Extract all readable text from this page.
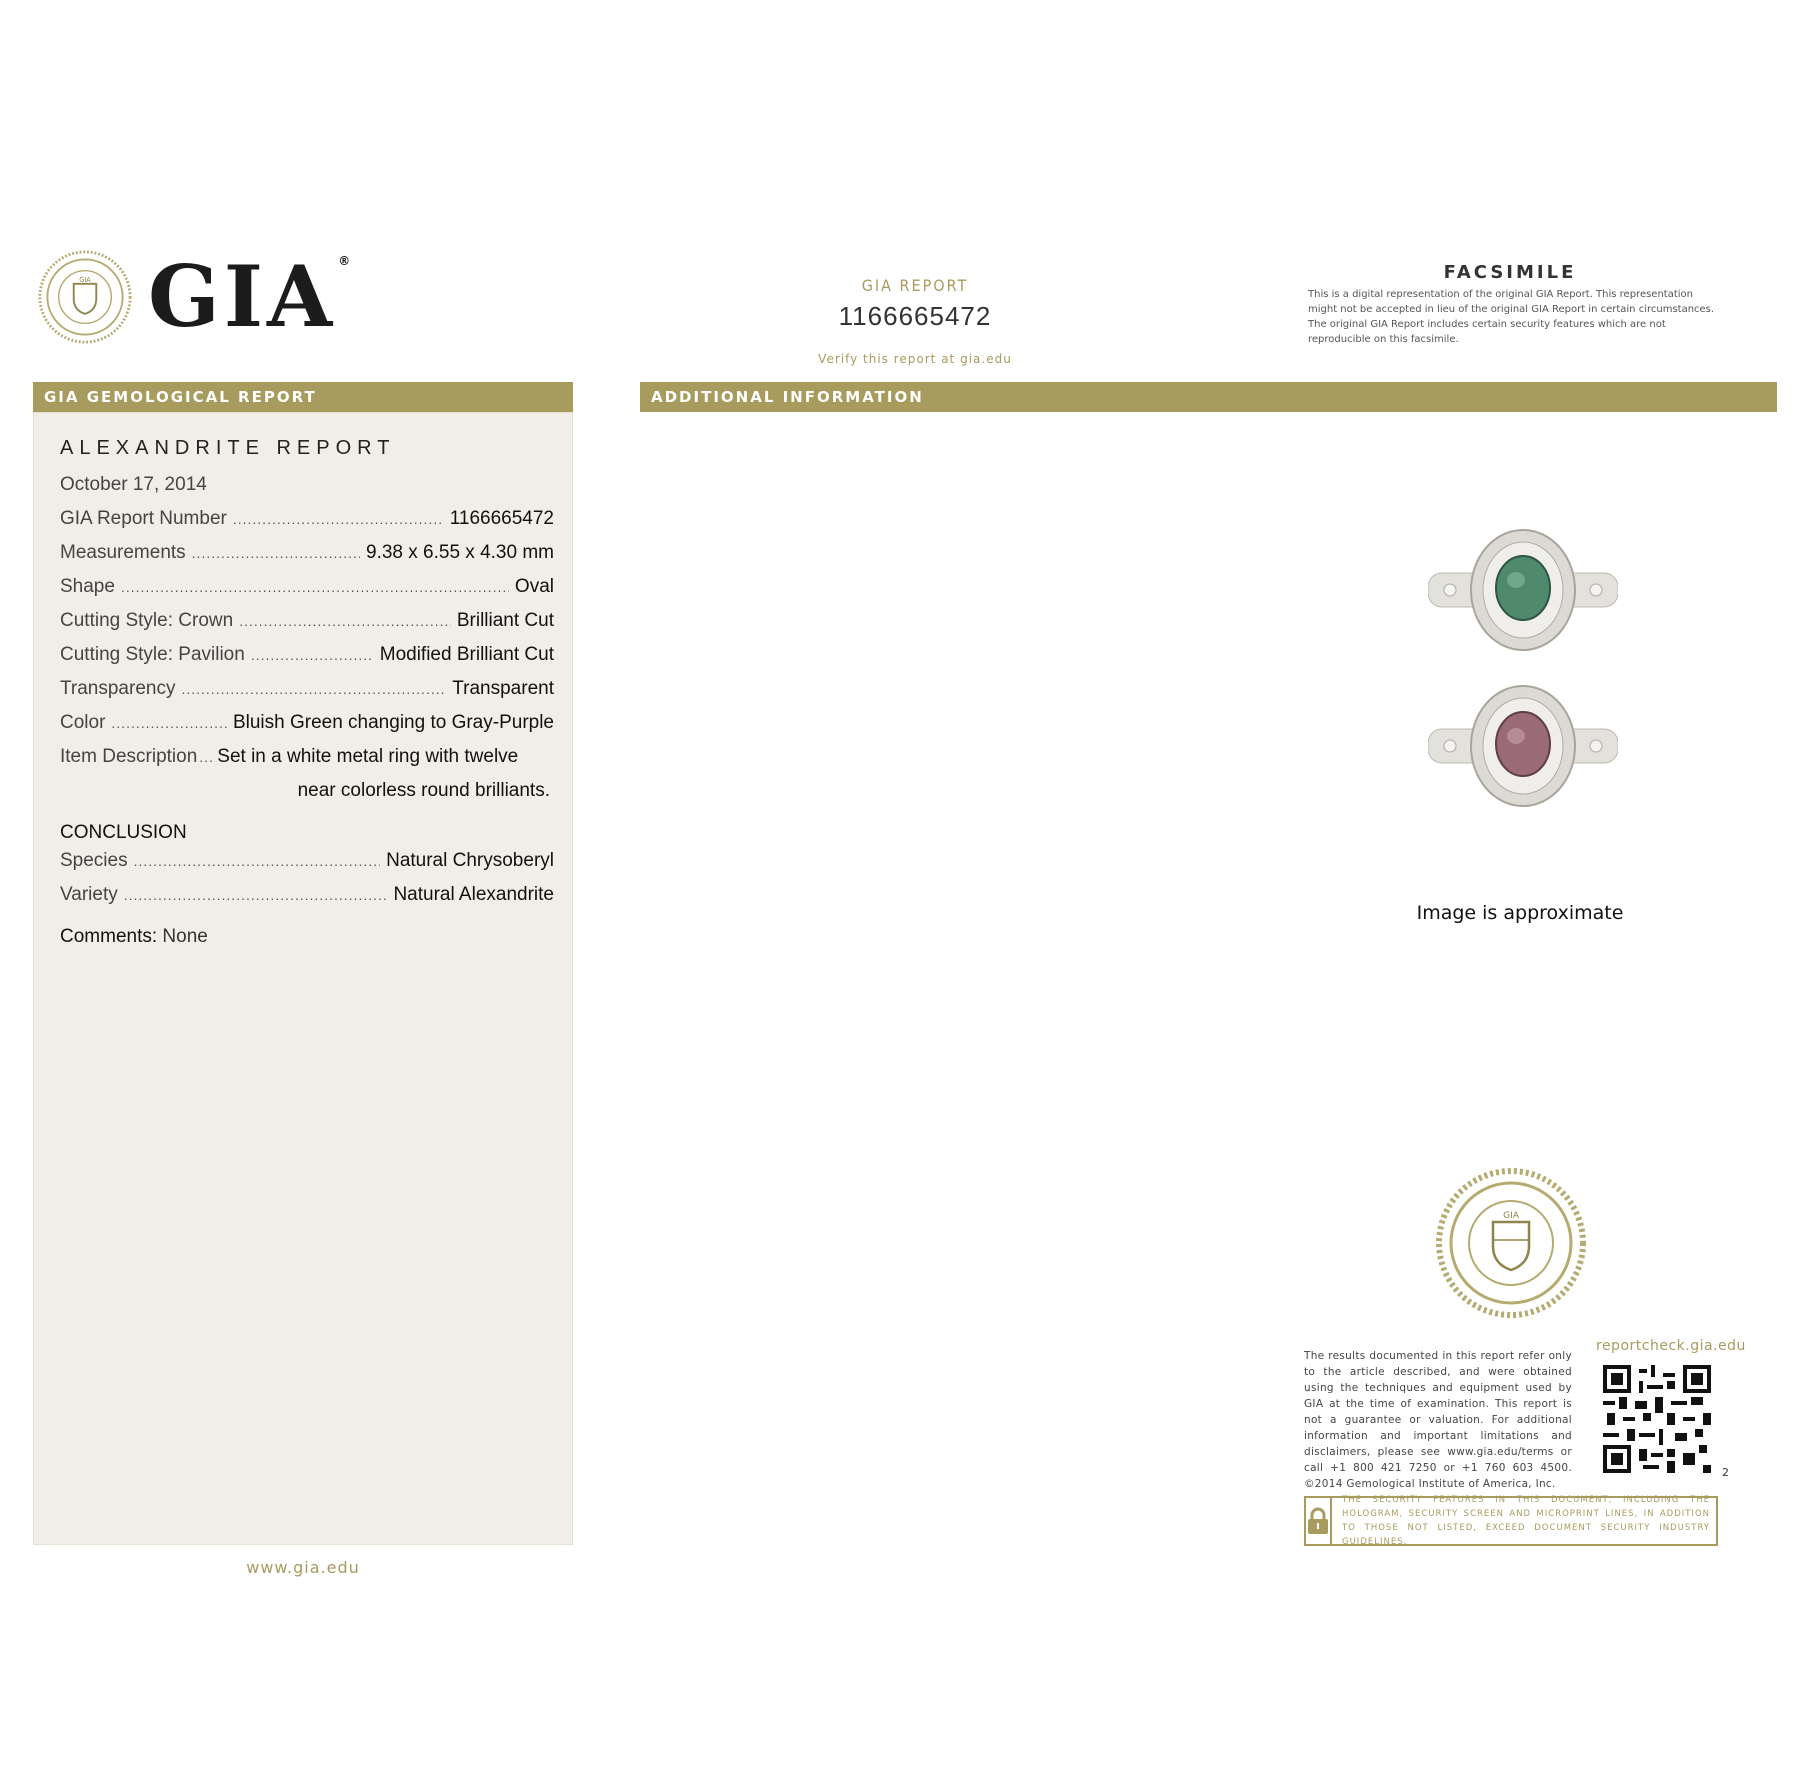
GIA GIA ®
GIA REPORT
1166665472
Verify this report at gia.edu
FACSIMILE
This is a digital representation of the original GIA Report. This representation might not be accepted in lieu of the original GIA Report in certain circumstances. The original GIA Report includes certain security features which are not reproducible on this facsimile.
GIA GEMOLOGICAL REPORT	ADDITIONAL INFORMATION
ALEXANDRITE REPORT
October 17, 2014
GIA Report Number .....	1166665472
Measurements .....	9.38 x 6.55 x 4.30 mm
Shape .....	Oval
Cutting Style: Crown .....	Brilliant Cut
Cutting Style: Pavilion .....	Modified Brilliant Cut
Transparency .....	Transparent
Color .....	Bluish Green changing to Gray-Purple
Item Description ..... Set in a white metal ring with twelve
near colorless round brilliants.
CONCLUSION
Species .....	Natural Chrysoberyl
Variety .....	Natural Alexandrite
Comments: None
www.gia.edu
Image is approximate
GIA
The results documented in this report refer only to the article described, and were obtained using the techniques and equipment used by GIA at the time of examination. This report is not a guarantee or valuation. For additional information and important limitations and disclaimers, please see www.gia.edu/terms or call +1 800 421 7250 or +1 760 603 4500. ©2014 Gemological Institute of America, Inc.
reportcheck.gia.edu
2
THE SECURITY FEATURES IN THIS DOCUMENT, INCLUDING THE HOLOGRAM, SECURITY SCREEN AND MICROPRINT LINES, IN ADDITION TO THOSE NOT LISTED, EXCEED DOCUMENT SECURITY INDUSTRY GUIDELINES.
